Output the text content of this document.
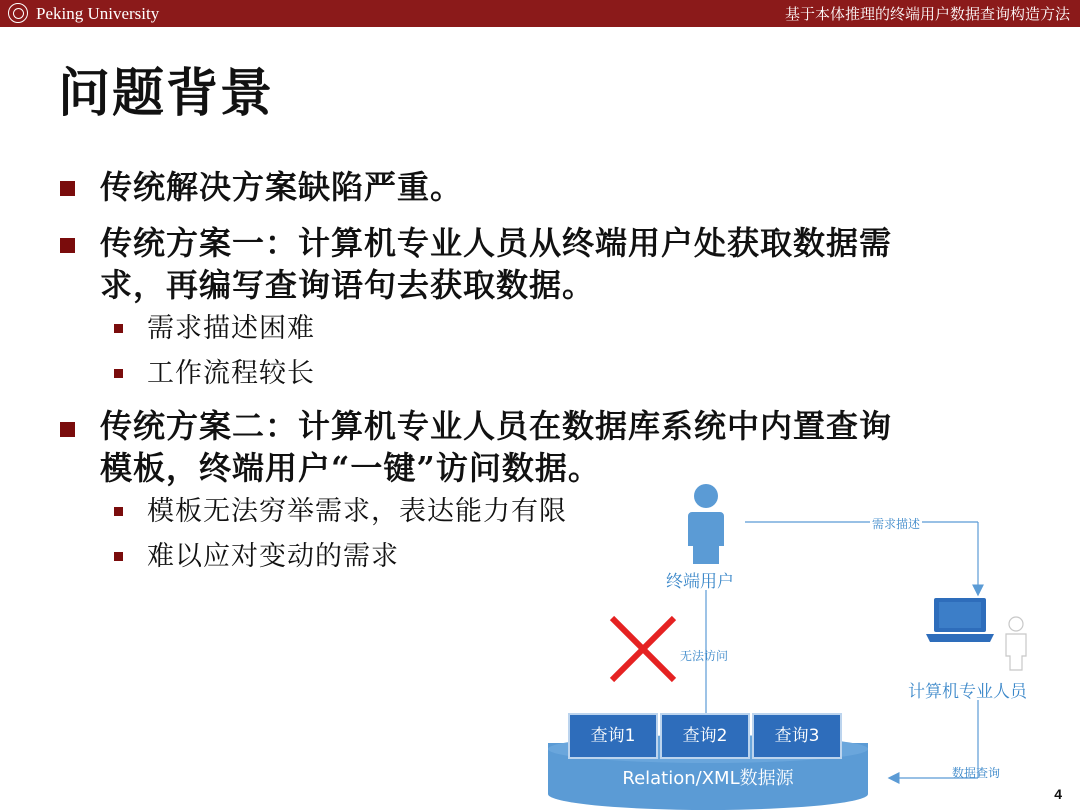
Peking University	基于本体推理的终端用户数据查询构造方法
问题背景
传统解决方案缺陷严重。
传统方案一：计算机专业人员从终端用户处获取数据需
求，再编写查询语句去获取数据。
需求描述困难
工作流程较长
传统方案二：计算机专业人员在数据库系统中内置查询
模板，终端用户“一键”访问数据。
模板无法穷举需求，表达能力有限
难以应对变动的需求
终端用户
需求描述
无法访问
计算机专业人员
数据查询
Relation/XML数据源
查询1	查询2	查询3
4
